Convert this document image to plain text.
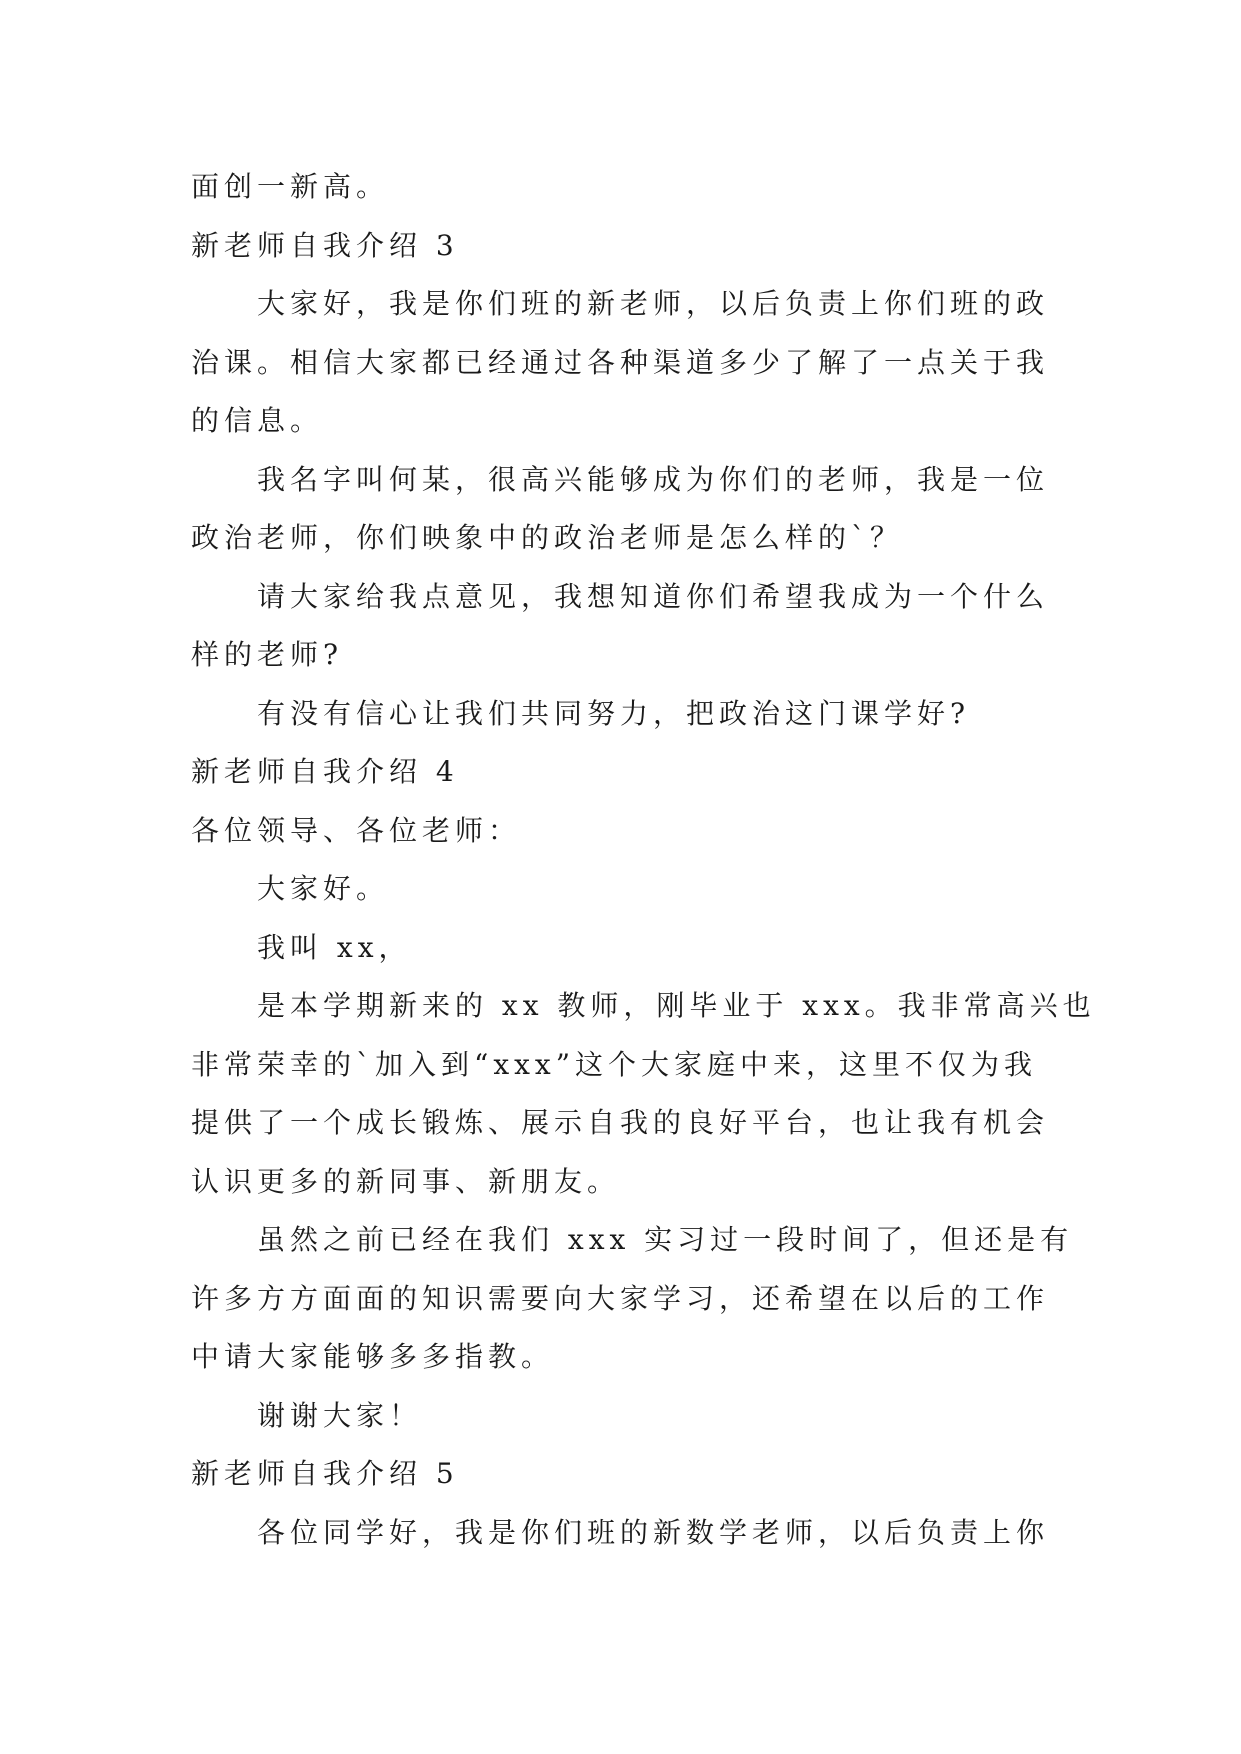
面创一新高。

新老师自我介绍 3

大家好，我是你们班的新老师，以后负责上你们班的政

治课。相信大家都已经通过各种渠道多少了解了一点关于我

的信息。

我名字叫何某，很高兴能够成为你们的老师，我是一位

政治老师，你们映象中的政治老师是怎么样的`？

请大家给我点意见，我想知道你们希望我成为一个什么

样的老师?

有没有信心让我们共同努力，把政治这门课学好?

新老师自我介绍 4

各位领导、各位老师：

大家好。

我叫 xx，

是本学期新来的 xx 教师，刚毕业于 xxx。我非常高兴也

非常荣幸的`加入到“xxx”这个大家庭中来，这里不仅为我

提供了一个成长锻炼、展示自我的良好平台，也让我有机会

认识更多的新同事、新朋友。

虽然之前已经在我们 xxx 实习过一段时间了，但还是有

许多方方面面的知识需要向大家学习，还希望在以后的工作

中请大家能够多多指教。

谢谢大家！

新老师自我介绍 5

各位同学好，我是你们班的新数学老师，以后负责上你
